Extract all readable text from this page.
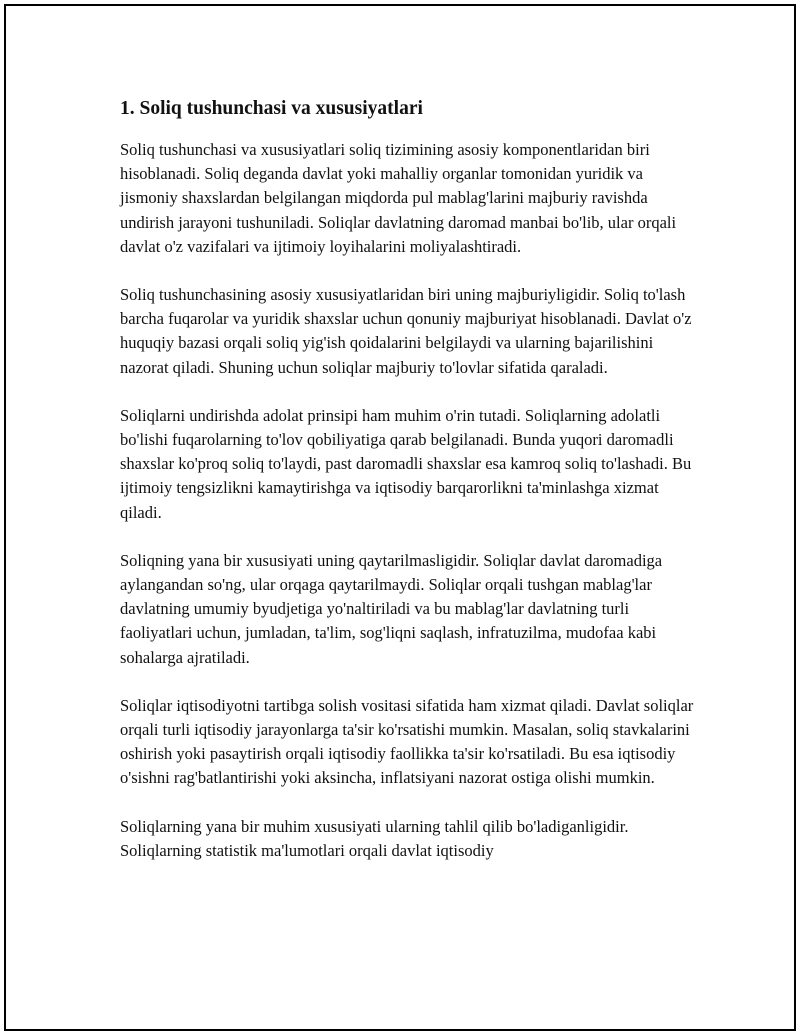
1. Soliq tushunchasi va xususiyatlari

Soliq tushunchasi va xususiyatlari soliq tizimining asosiy komponentlaridan biri hisoblanadi. Soliq deganda davlat yoki mahalliy organlar tomonidan yuridik va jismoniy shaxslardan belgilangan miqdorda pul mablag'larini majburiy ravishda undirish jarayoni tushuniladi. Soliqlar davlatning daromad manbai bo'lib, ular orqali davlat o'z vazifalari va ijtimoiy loyihalarini moliyalashtiradi.

Soliq tushunchasining asosiy xususiyatlaridan biri uning majburiyligidir. Soliq to'lash barcha fuqarolar va yuridik shaxslar uchun qonuniy majburiyat hisoblanadi. Davlat o'z huquqiy bazasi orqali soliq yig'ish qoidalarini belgilaydi va ularning bajarilishini nazorat qiladi. Shuning uchun soliqlar majburiy to'lovlar sifatida qaraladi.

Soliqlarni undirishda adolat prinsipi ham muhim o'rin tutadi. Soliqlarning adolatli bo'lishi fuqarolarning to'lov qobiliyatiga qarab belgilanadi. Bunda yuqori daromadli shaxslar ko'proq soliq to'laydi, past daromadli shaxslar esa kamroq soliq to'lashadi. Bu ijtimoiy tengsizlikni kamaytirishga va iqtisodiy barqarorlikni ta'minlashga xizmat qiladi.

Soliqning yana bir xususiyati uning qaytarilmasligidir. Soliqlar davlat daromadiga aylangandan so'ng, ular orqaga qaytarilmaydi. Soliqlar orqali tushgan mablag'lar davlatning umumiy byudjetiga yo'naltiriladi va bu mablag'lar davlatning turli faoliyatlari uchun, jumladan, ta'lim, sog'liqni saqlash, infratuzilma, mudofaa kabi sohalarga ajratiladi.

Soliqlar iqtisodiyotni tartibga solish vositasi sifatida ham xizmat qiladi. Davlat soliqlar orqali turli iqtisodiy jarayonlarga ta'sir ko'rsatishi mumkin. Masalan, soliq stavkalarini oshirish yoki pasaytirish orqali iqtisodiy faollikka ta'sir ko'rsatiladi. Bu esa iqtisodiy o'sishni rag'batlantirishi yoki aksincha, inflatsiyani nazorat ostiga olishi mumkin.

Soliqlarning yana bir muhim xususiyati ularning tahlil qilib bo'ladiganligidir. Soliqlarning statistik ma'lumotlari orqali davlat iqtisodiy
